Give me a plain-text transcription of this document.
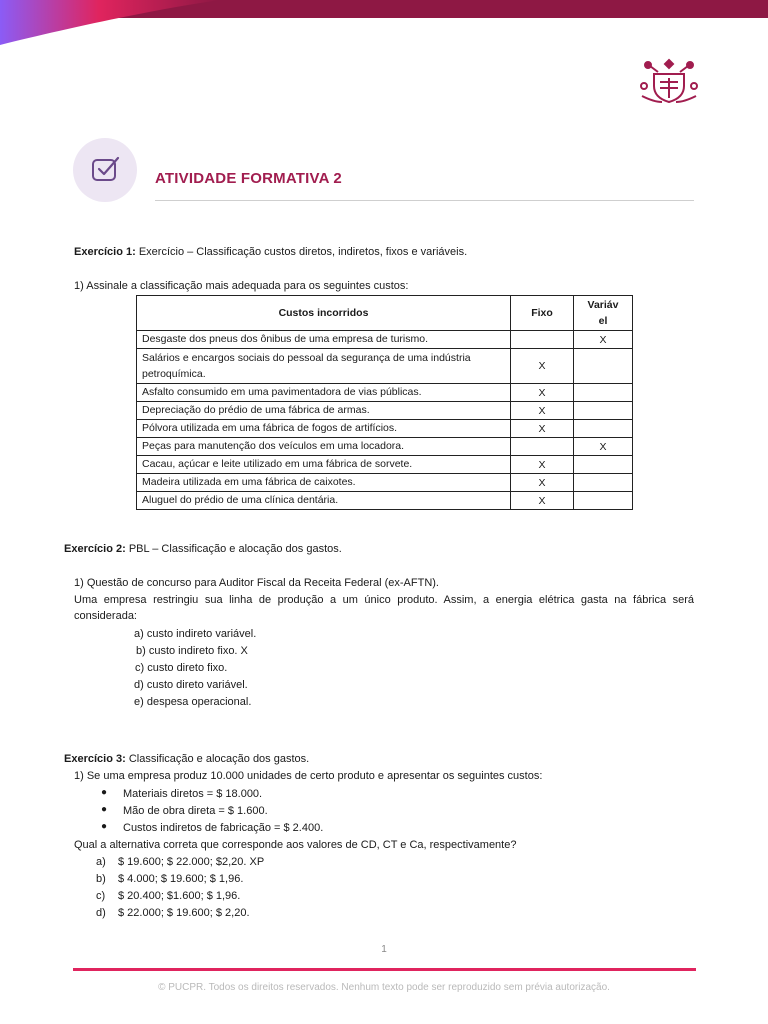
ATIVIDADE FORMATIVA 2
Exercício 1: Exercício – Classificação custos diretos, indiretos, fixos e variáveis.
1) Assinale a classificação mais adequada para os seguintes custos:
Custos incorridos	Fixo	Variáv
el
Desgaste dos pneus dos ônibus de uma empresa de turismo.		X
Salários e encargos sociais do pessoal da segurança de uma indústria
petroquímica.	X	
Asfalto consumido em uma pavimentadora de vias públicas.	X	
Depreciação do prédio de uma fábrica de armas.	X	
Pólvora utilizada em uma fábrica de fogos de artifícios.	X	
Peças para manutenção dos veículos em uma locadora.		X
Cacau, açúcar e leite utilizado em uma fábrica de sorvete.	X	
Madeira utilizada em uma fábrica de caixotes.	X	
Aluguel do prédio de uma clínica dentária.	X	
Exercício 2: PBL – Classificação e alocação dos gastos.
1) Questão de concurso para Auditor Fiscal da Receita Federal (ex-AFTN).
Uma empresa restringiu sua linha de produção a um único produto. Assim, a energia elétrica gasta na fábrica será considerada:
a) custo indireto variável.
b) custo indireto fixo. X
c) custo direto fixo.
d) custo direto variável.
e) despesa operacional.
Exercício 3: Classificação e alocação dos gastos.
1) Se uma empresa produz 10.000 unidades de certo produto e apresentar os seguintes custos:
● Materiais diretos = $ 18.000.
● Mão de obra direta = $ 1.600.
● Custos indiretos de fabricação = $ 2.400.
Qual a alternativa correta que corresponde aos valores de CD, CT e Ca, respectivamente?
a) $ 19.600; $ 22.000; $2,20. XP
b) $ 4.000; $ 19.600; $ 1,96.
c) $ 20.400; $1.600; $ 1,96.
d) $ 22.000; $ 19.600; $ 2,20.
1
© PUCPR. Todos os direitos reservados. Nenhum texto pode ser reproduzido sem prévia autorização.
